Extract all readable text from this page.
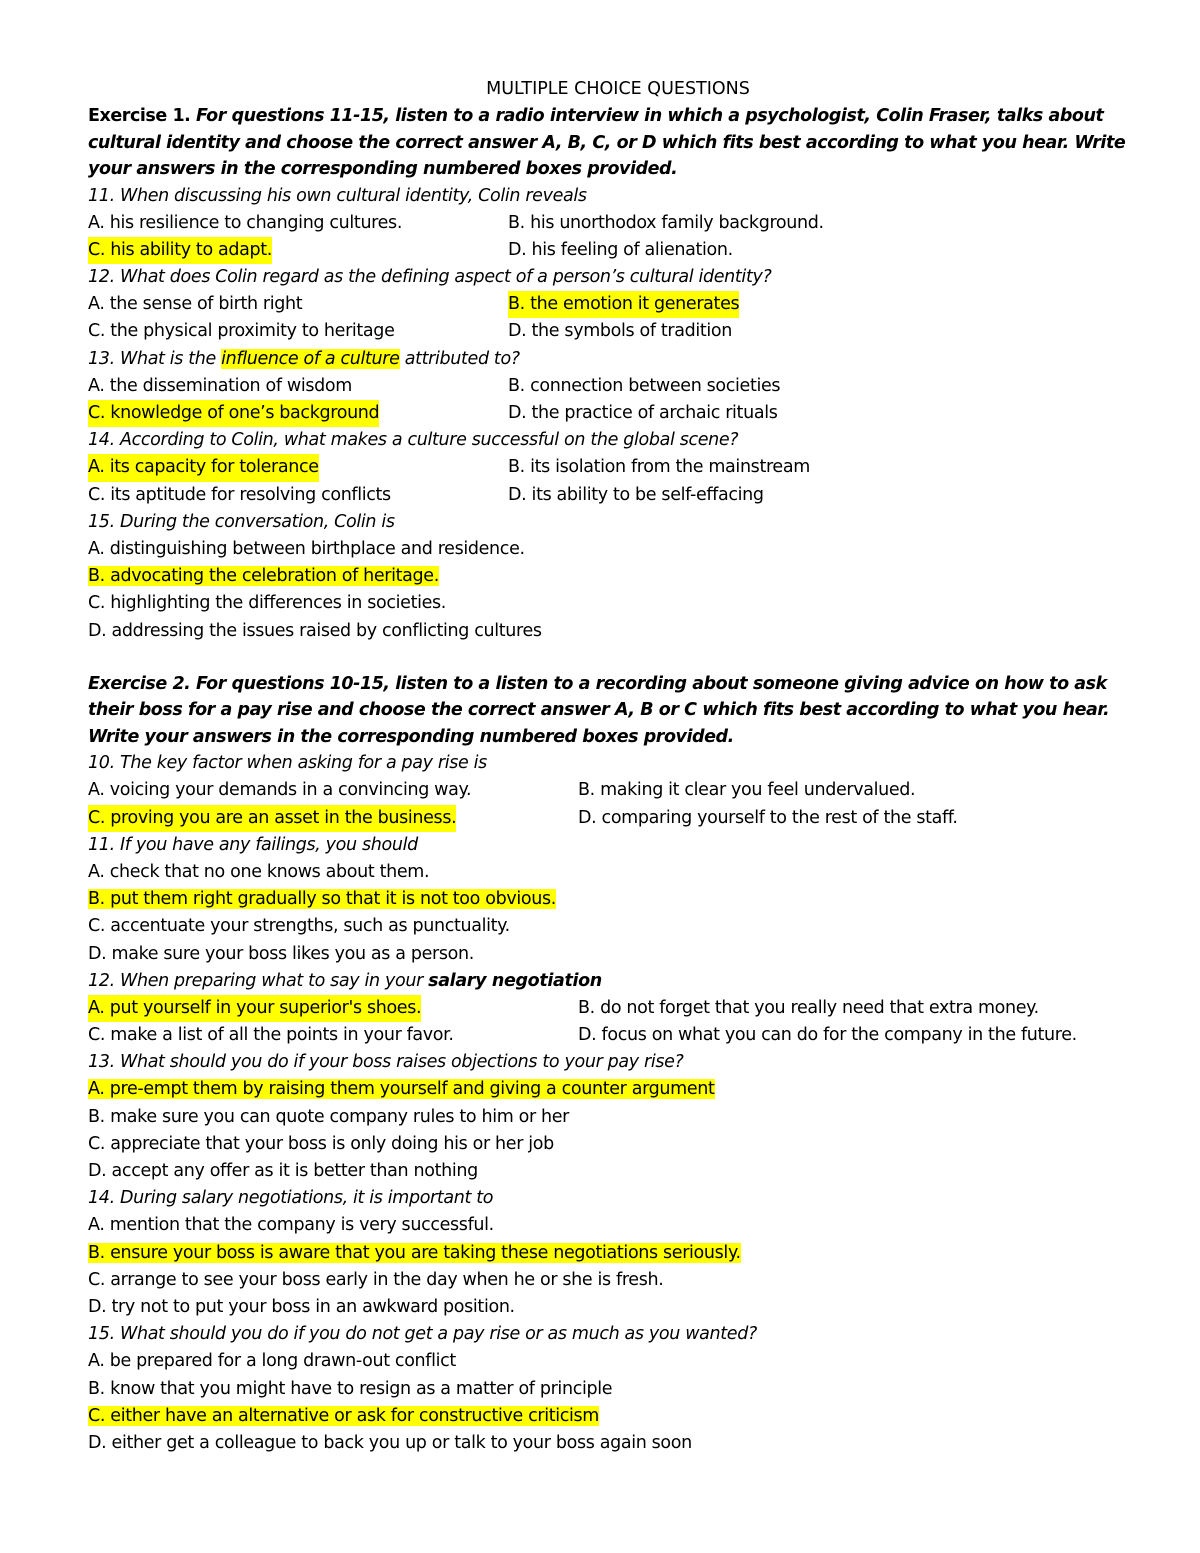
MULTIPLE CHOICE QUESTIONS
Exercise 1. For questions 11-15, listen to a radio interview in which a psychologist, Colin Fraser, talks about cultural identity and choose the correct answer A, B, C, or D which fits best according to what you hear. Write your answers in the corresponding numbered boxes provided.
11. When discussing his own cultural identity, Colin reveals
A. his resilience to changing cultures.	B. his unorthodox family background.
C. his ability to adapt.	D. his feeling of alienation.
12. What does Colin regard as the defining aspect of a person’s cultural identity?
A. the sense of birth right	B. the emotion it generates
C. the physical proximity to heritage	D. the symbols of tradition
13. What is the influence of a culture attributed to?
A. the dissemination of wisdom	B. connection between societies
C. knowledge of one’s background	D. the practice of archaic rituals
14. According to Colin, what makes a culture successful on the global scene?
A. its capacity for tolerance	B. its isolation from the mainstream
C. its aptitude for resolving conflicts	D. its ability to be self-effacing
15. During the conversation, Colin is
A. distinguishing between birthplace and residence.
B. advocating the celebration of heritage.
C. highlighting the differences in societies.
D. addressing the issues raised by conflicting cultures
Exercise 2. For questions 10-15, listen to a listen to a recording about someone giving advice on how to ask their boss for a pay rise and choose the correct answer A, B or C which fits best according to what you hear. Write your answers in the corresponding numbered boxes provided.
10. The key factor when asking for a pay rise is
A. voicing your demands in a convincing way.	B. making it clear you feel undervalued.
C. proving you are an asset in the business.	D. comparing yourself to the rest of the staff.
11. If you have any failings, you should
A. check that no one knows about them.
B. put them right gradually so that it is not too obvious.
C. accentuate your strengths, such as punctuality.
D. make sure your boss likes you as a person.
12. When preparing what to say in your salary negotiation
A. put yourself in your superior's shoes.	B. do not forget that you really need that extra money.
C. make a list of all the points in your favor.	D. focus on what you can do for the company in the future.
13. What should you do if your boss raises objections to your pay rise?
A. pre-empt them by raising them yourself and giving a counter argument
B. make sure you can quote company rules to him or her
C. appreciate that your boss is only doing his or her job
D. accept any offer as it is better than nothing
14. During salary negotiations, it is important to
A. mention that the company is very successful.
B. ensure your boss is aware that you are taking these negotiations seriously.
C. arrange to see your boss early in the day when he or she is fresh.
D. try not to put your boss in an awkward position.
15. What should you do if you do not get a pay rise or as much as you wanted?
A. be prepared for a long drawn-out conflict
B. know that you might have to resign as a matter of principle
C. either have an alternative or ask for constructive criticism
D. either get a colleague to back you up or talk to your boss again soon
